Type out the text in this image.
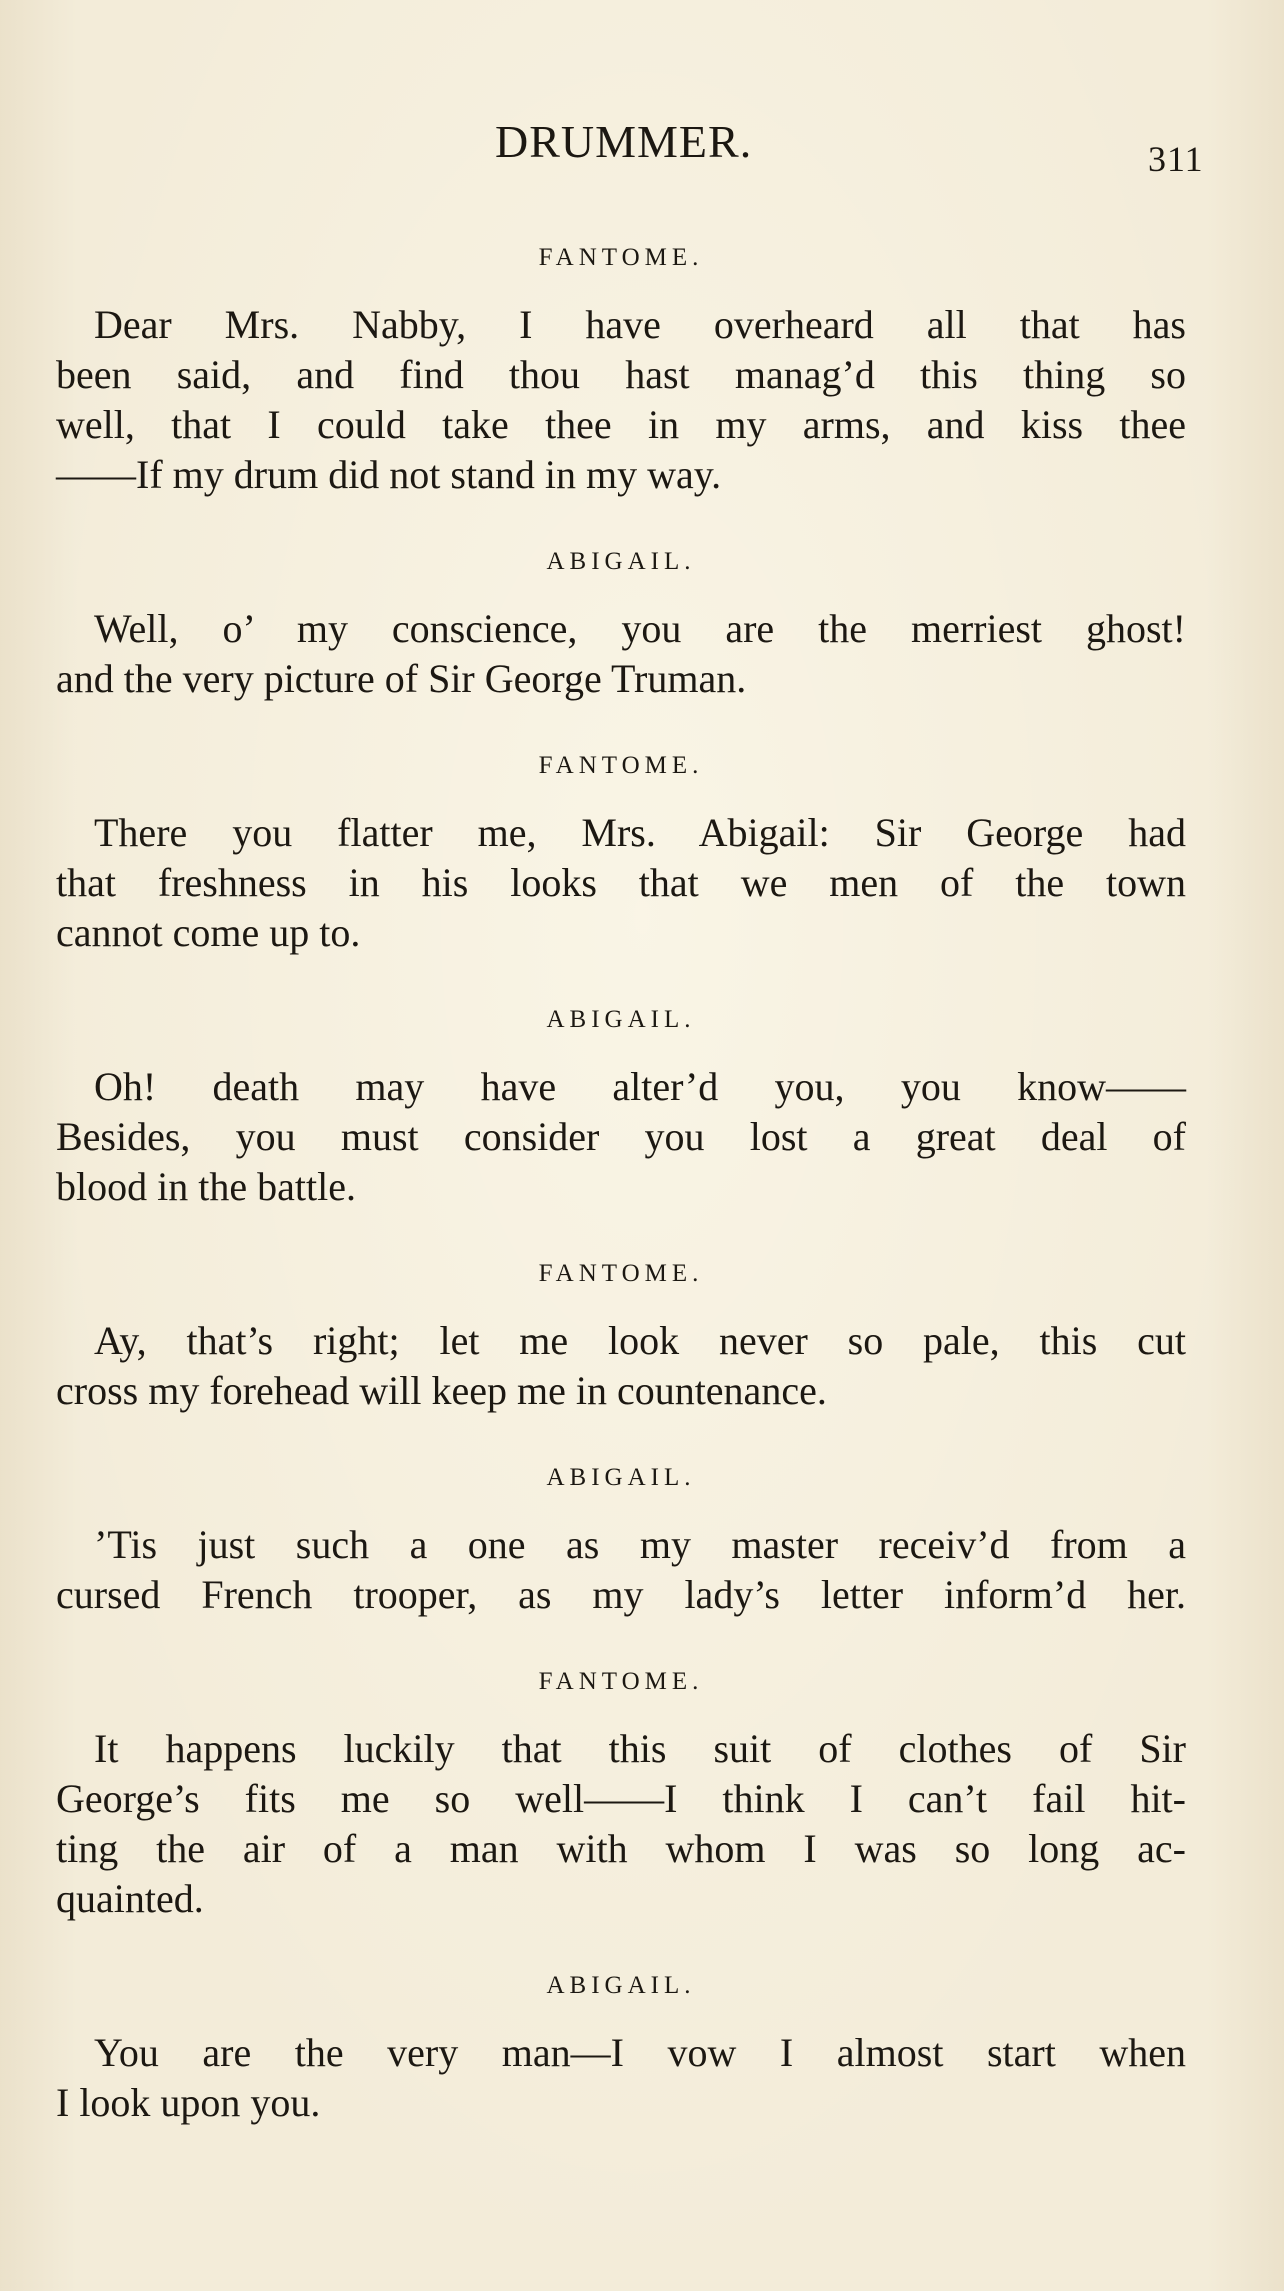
DRUMMER.	311
FANTOME.
Dear Mrs. Nabby, I have overheard all that has
been said, and find thou hast manag’d this thing so
well, that I could take thee in my arms, and kiss thee
——If my drum did not stand in my way.
ABIGAIL.
Well, o’ my conscience, you are the merriest ghost!
and the very picture of Sir George Truman.
FANTOME.
There you flatter me, Mrs. Abigail: Sir George had
that freshness in his looks that we men of the town
cannot come up to.
ABIGAIL.
Oh! death may have alter’d you, you know——
Besides, you must consider you lost a great deal of
blood in the battle.
FANTOME.
Ay, that’s right; let me look never so pale, this cut
cross my forehead will keep me in countenance.
ABIGAIL.
’Tis just such a one as my master receiv’d from a
cursed French trooper, as my lady’s letter inform’d her.
FANTOME.
It happens luckily that this suit of clothes of Sir
George’s fits me so well——I think I can’t fail hit-
ting the air of a man with whom I was so long ac-
quainted.
ABIGAIL.
You are the very man—I vow I almost start when
I look upon you.
